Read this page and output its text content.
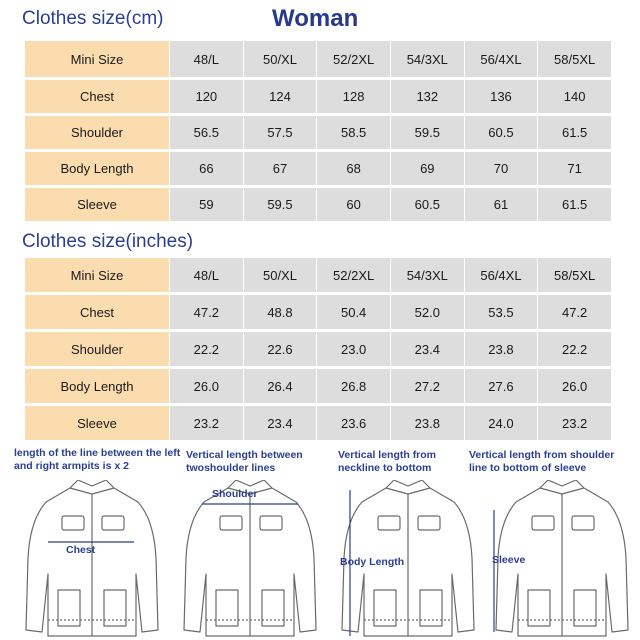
Clothes size(cm)	Woman
Mini Size	48/L	50/XL	52/2XL	54/3XL	56/4XL	58/5XL
Chest	120	124	128	132	136	140
Shoulder	56.5	57.5	58.5	59.5	60.5	61.5
Body Length	66	67	68	69	70	71
Sleeve	59	59.5	60	60.5	61	61.5
Clothes size(inches)
Mini Size	48/L	50/XL	52/2XL	54/3XL	56/4XL	58/5XL
Chest	47.2	48.8	50.4	52.0	53.5	47.2
Shoulder	22.2	22.6	23.0	23.4	23.8	22.2
Body Length	26.0	26.4	26.8	27.2	27.6	26.0
Sleeve	23.2	23.4	23.6	23.8	24.0	23.2
length of the line between the left and right armpits is x 2
Vertical length between twoshoulder lines
Vertical length from neckline to bottom
Vertical length from shoulder line to bottom of sleeve
Chest
Shoulder
Body Length	Sleeve
